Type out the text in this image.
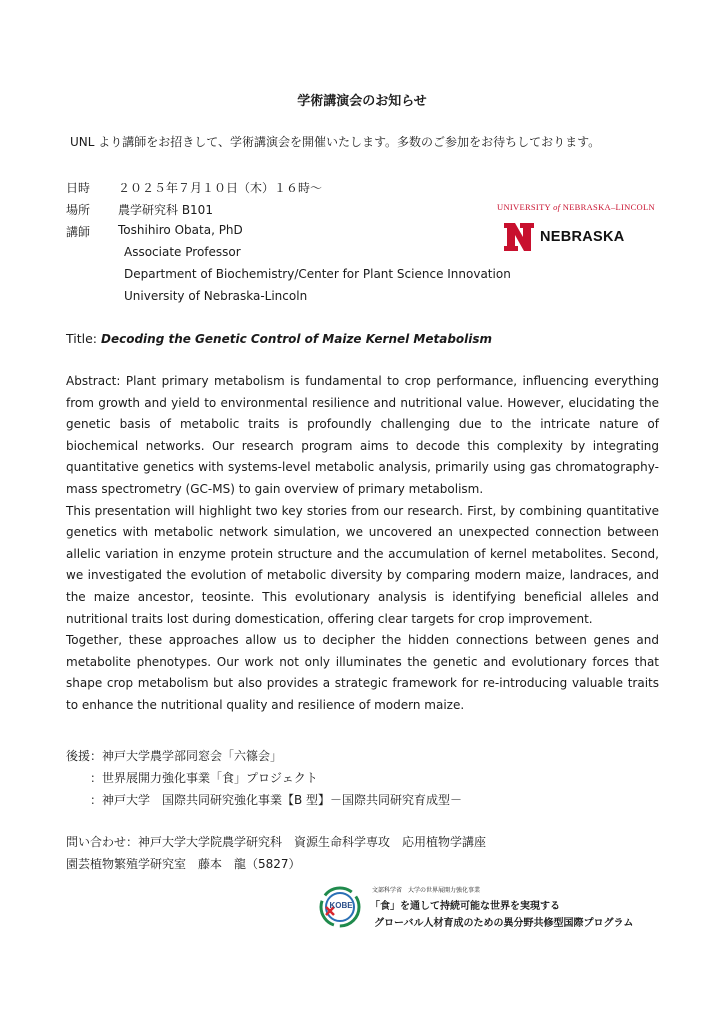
学術講演会のお知らせ
UNL より講師をお招きして、学術講演会を開催いたします。多数のご参加をお待ちしております。
日時 ２０２５年７月１０日（木）１６時〜
場所 農学研究科 B101
講師 Toshihiro Obata, PhD
Associate Professor
Department of Biochemistry/Center for Plant Science Innovation
University of Nebraska-Lincoln
UNIVERSITY of NEBRASKA–LINCOLN
NEBRASKA
Title: Decoding the Genetic Control of Maize Kernel Metabolism

Abstract: Plant primary metabolism is fundamental to crop performance, influencing everything from growth and yield to environmental resilience and nutritional value. However, elucidating the genetic basis of metabolic traits is profoundly challenging due to the intricate nature of biochemical networks. Our research program aims to decode this complexity by integrating quantitative genetics with systems-level metabolic analysis, primarily using gas chromatography-mass spectrometry (GC-MS) to gain overview of primary metabolism.

This presentation will highlight two key stories from our research. First, by combining quantitative genetics with metabolic network simulation, we uncovered an unexpected connection between allelic variation in enzyme protein structure and the accumulation of kernel metabolites. Second, we investigated the evolution of metabolic diversity by comparing modern maize, landraces, and the maize ancestor, teosinte. This evolutionary analysis is identifying beneficial alleles and nutritional traits lost during domestication, offering clear targets for crop improvement.

Together, these approaches allow us to decipher the hidden connections between genes and metabolite phenotypes. Our work not only illuminates the genetic and evolutionary forces that shape crop metabolism but also provides a strategic framework for re-introducing valuable traits to enhance the nutritional quality and resilience of modern maize.

後援：神戸大学農学部同窓会「六篠会」
：世界展開力強化事業「食」プロジェクト
：神戸大学　国際共同研究強化事業【B 型】－国際共同研究育成型－
問い合わせ：神戸大学大学院農学研究科　資源生命科学専攻　応用植物学講座
園芸植物繁殖学研究室　藤本　龍（5827）
KOBE
文部科学省　大学の世界展開力強化事業
「食」を通して持続可能な世界を実現する
グローバル人材育成のための異分野共修型国際プログラム
